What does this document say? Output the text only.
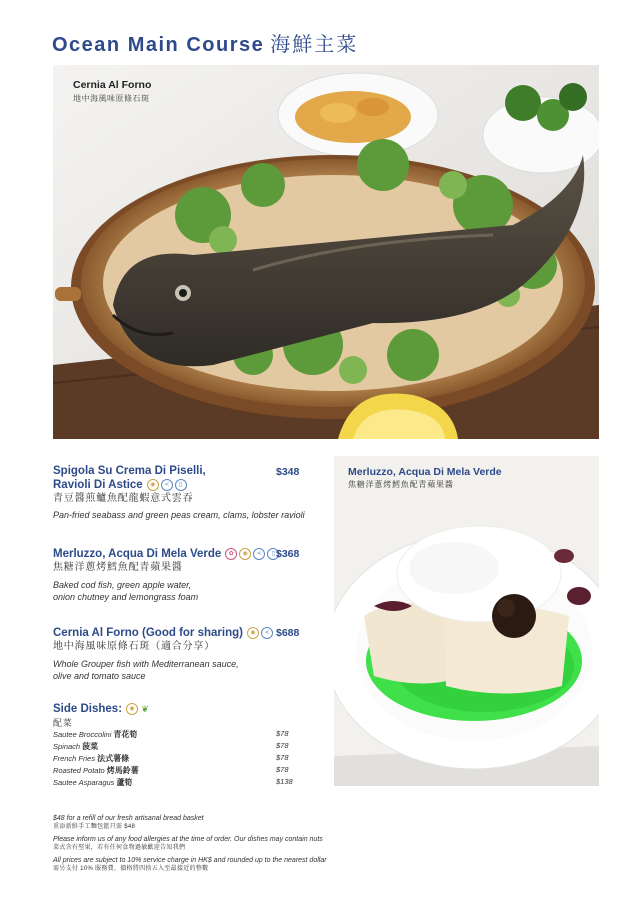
Ocean Main Course 海鮮主菜
Cernia Al Forno
地中海風味原條石斑
Spigola Su Crema Di Piselli,
Ravioli Di Astice ◉ ≺ ▯
青豆醬煎鱸魚配龍蝦意式雲吞
Pan-fried seabass and green peas cream, clams, lobster ravioli
$348
Merluzzo, Acqua Di Mela Verde ✿ ◉ ≺ ▯
焦糖洋蔥烤鱈魚配青蘋果醬
Baked cod fish, green apple water,
onion chutney and lemongrass foam
$368
Cernia Al Forno (Good for sharing) ◉ ≺
地中海風味原條石斑（適合分享）
Whole Grouper fish with Mediterranean sauce,
olive and tomato sauce
$688
Side Dishes: ◉ ❦
配菜
Sautee Broccolini 青花筍	$78
Spinach 菠菜	$78
French Fries 法式薯條	$78
Roasted Potato 烤馬鈴薯	$78
Sautee Asparagus 蘆筍	$138
Merluzzo, Acqua Di Mela Verde
焦糖洋蔥烤鱈魚配青蘋果醬
$48 for a refill of our fresh artisanal bread basket
重添新鮮手工麵包籃只需 $48
Please inform us of any food allergies at the time of order. Our dishes may contain nuts
菜式含有堅果，若有任何食物過敏歡迎告知我們
All prices are subject to 10% service charge in HK$ and rounded up to the nearest dollar
需另支付 10% 服務費，價格將四捨五入至最接近的整數
